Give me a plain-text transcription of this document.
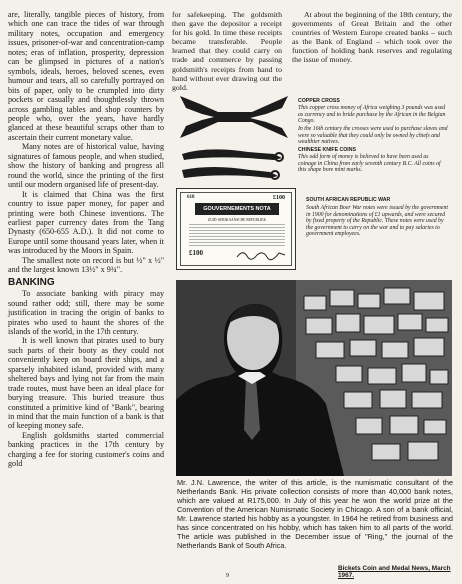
are, literally, tangible pieces of history, from which one can trace the tides of war through military notes, occupation and emergency issues, prisoner-of-war and concentration-camp notes; eras of inflation, prosperity, depression can be glimpsed in pictures of a nation's symbols, ideals, heroes, beloved scenes, even humour and tears, all so carefully portrayed on bits of paper, only to be crumpled into dirty pockets or casually and thoughtlessly thrown across gambling tables and shop counters by people who, over the years, have hardly glanced at these beautiful scraps other than to ascertain their current monetary value.

Many notes are of historical value, having signatures of famous people, and when studied, show the history of banking and progress all round the world, since the printing of the first until our modern organised life of present-day.

It is claimed that China was the first country to issue paper money, for paper and printing were both Chinese inventions. The earliest paper currency dates from the Tang Dynasty (650-655 A.D.). It did not come to Europe until some thousand years later, when it was introduced by the Moors in Spain.

The smallest note on record is but ½" x ½" and the largest known 13½" x 9¾".

BANKING

To associate banking with piracy may sound rather odd; still, there may be some justification in tracing the origin of banks to pirates who used to haunt the shores of the islands of the world, in the 17th century.

It is well known that pirates used to bury such parts of their booty as they could not conveniently keep on board their ships, and a sparsely inhabited island, provided with many sheltered bays and lying not far from the main trade routes, must have been an ideal place for burying treasure. This buried treasure thus constituted a primitive kind of "Bank", bearing in mind that the main function of a bank is that of keeping money safe.

English goldsmiths started commercial banking practices in the 17th century by charging a fee for storing customer's coins and gold

for safekeeping. The goldsmith then gave the depositor a receipt for his gold. In time these receipts became transferable. People learned that they could carry on trade and commerce by passing goldsmith's receipts from hand to hand without ever drawing out the gold.

At about the beginning of the 18th century, the governments of Great Britain and the other countries of Western Europe created banks – such as the Bank of England – which took over the function of holding bank reserves and regulating the issue of money.

COPPER CROSS
This copper cross money of Africa weighing 3 pounds was used as currency and to bride purchase by the African in the Belgian Congo.
In the 16th century the crosses were used to purchase slaves and were so valuable that they could only be owned by chiefs and wealthier natives.
CHINESE KNIFE COINS
This odd form of money is believed to have been used as coinage in China from early seventh century B.C. All coins of this shape bore mint marks.
618	£100
GOUVERNEMENTS NOTA
ZUID-AFRIKAANSCHE REPUBLIEK
£100
SOUTH AFRICAN REPUBLIC WAR
South African Boer War notes were issued by the government in 1900 for denominations of £1 upwards, and were secured by fixed property of the Republic. These notes were used by the government to carry on the war and to pay salaries to government employees.
Mr. J.N. Lawrence, the writer of this article, is the numismatic consultant of the Netherlands Bank. His private collection consists of more than 40,000 bank notes, which are valued at R175,000. In July of this year he won the world prize at the Convention of the American Numismatic Society in Chicago. A son of a bank official, Mr. Lawrence started his hobby as a youngster. In 1964 he retired from business and has since concentrated on his hobby, which has taken him to all parts of the world. The article was published in the December issue of "Ring," the journal of the Netherlands Bank of South Africa.
Bickets Coin and Medal News, March 1967.
9
